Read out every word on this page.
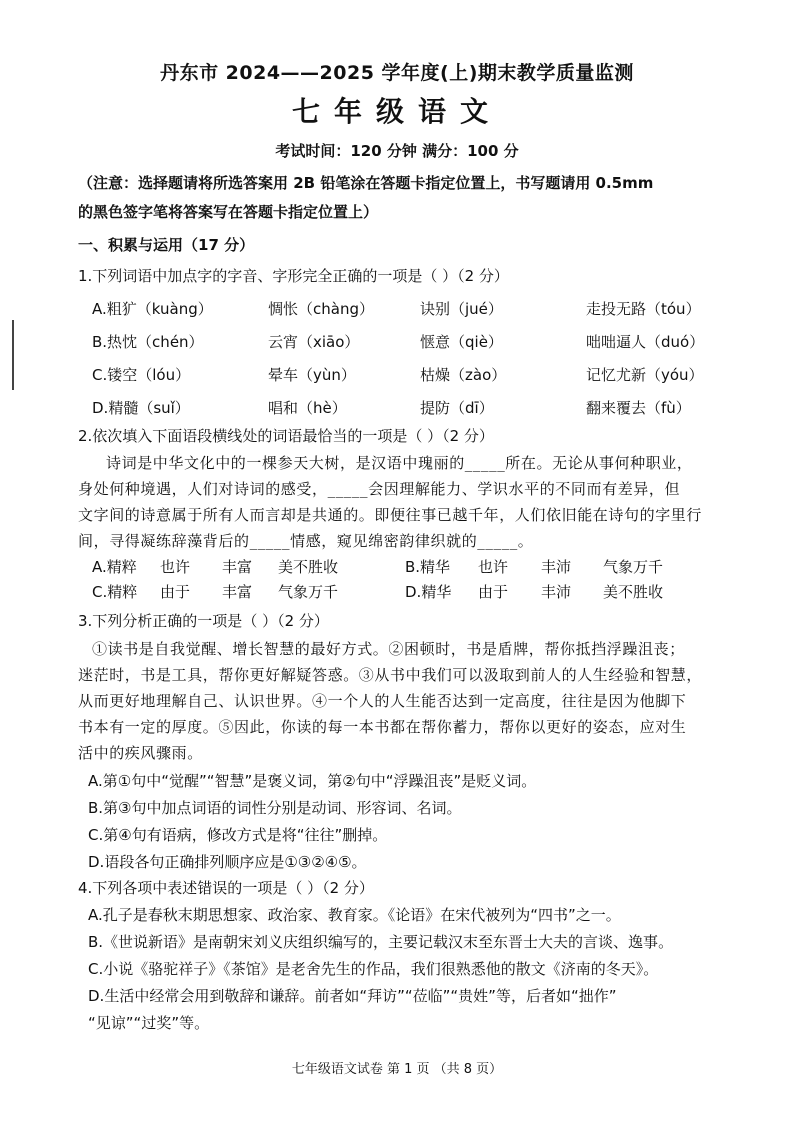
丹东市 2024——2025 学年度(上)期末教学质量监测
七年级语文
考试时间：120 分钟 满分：100 分
（注意：选择题请将所选答案用 2B 铅笔涂在答题卡指定位置上，书写题请用 0.5mm
的黑色签字笔将答案写在答题卡指定位置上）
一、积累与运用（17 分）
1.下列词语中加点字的字音、字形完全正确的一项是（ ）（2 分）
A.粗犷（kuàng）	惆怅（chàng）	诀别（jué）	走投无路（tóu）
B.热忱（chén）	云宵（xiāo）	惬意（qiè）	咄咄逼人（duó）
C.镂空（lóu）	晕车（yùn）	枯燥（zào）	记忆尤新（yóu）
D.精髓（suǐ）	唱和（hè）	提防（dī）	翻来覆去（fù）
2.依次填入下面语段横线处的词语最恰当的一项是（ ）（2 分）
诗词是中华文化中的一棵参天大树，是汉语中瑰丽的_____所在。无论从事何种职业，
身处何种境遇，人们对诗词的感受，_____会因理解能力、学识水平的不同而有差异，但
文字间的诗意属于所有人而言却是共通的。即便往事已越千年，人们依旧能在诗句的字里行
间，寻得凝练辞藻背后的_____情感，窥见绵密韵律织就的_____。
A.精粹 也许 丰富 美不胜收	B.精华 也许 丰沛 气象万千
C.精粹 由于 丰富 气象万千	D.精华 由于 丰沛 美不胜收
3.下列分析正确的一项是（ ）（2 分）
①读书是自我觉醒、增长智慧的最好方式。②困顿时，书是盾牌，帮你抵挡浮躁沮丧；
迷茫时，书是工具，帮你更好解疑答惑。③从书中我们可以汲取到前人的人生经验和智慧，
从而更好地理解自己、认识世界。④一个人的人生能否达到一定高度，往往是因为他脚下
书本有一定的厚度。⑤因此，你读的每一本书都在帮你蓄力，帮你以更好的姿态，应对生
活中的疾风骤雨。
A.第①句中“觉醒”“智慧”是褒义词，第②句中“浮躁沮丧”是贬义词。
B.第③句中加点词语的词性分别是动词、形容词、名词。
C.第④句有语病，修改方式是将“往往”删掉。
D.语段各句正确排列顺序应是①③②④⑤。
4.下列各项中表述错误的一项是（ ）（2 分）
A.孔子是春秋末期思想家、政治家、教育家。《论语》在宋代被列为“四书”之一。
B.《世说新语》是南朝宋刘义庆组织编写的，主要记载汉末至东晋士大夫的言谈、逸事。
C.小说《骆驼祥子》《茶馆》是老舍先生的作品，我们很熟悉他的散文《济南的冬天》。
D.生活中经常会用到敬辞和谦辞。前者如“拜访”“莅临”“贵姓”等，后者如“拙作”
“见谅”“过奖”等。
七年级语文试卷 第 1 页 （共 8 页）
